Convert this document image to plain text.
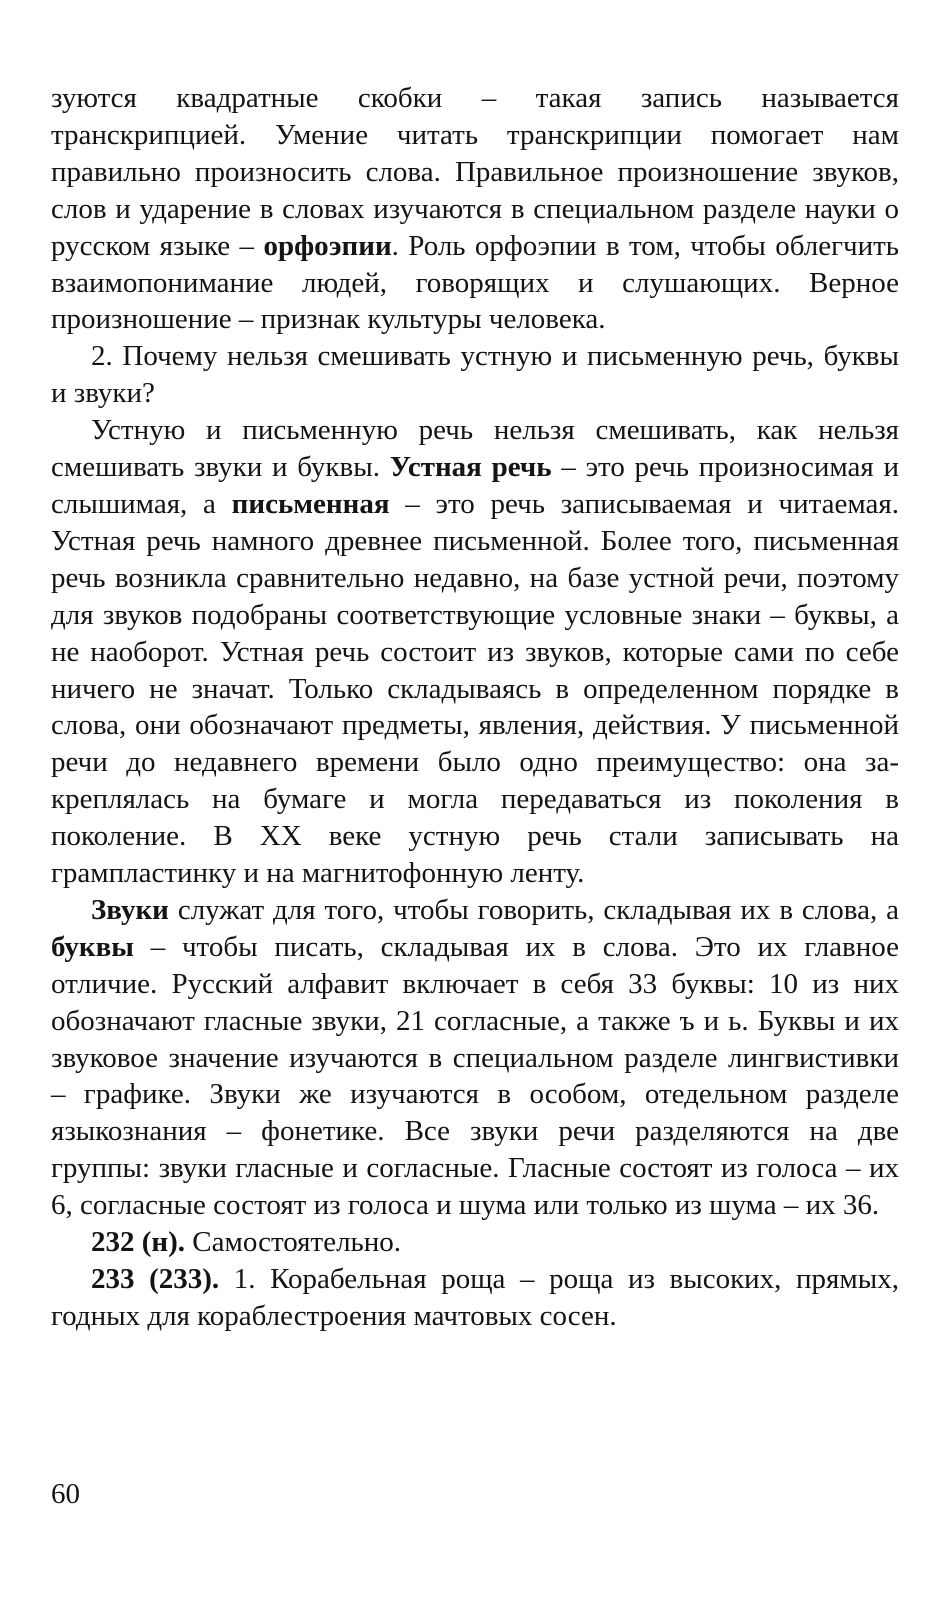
зуются квадратные скобки – такая запись называется транскрипцией. Умение читать транскрипции помогает нам правильно произносить слова. Правильное произношение звуков, слов и ударение в словах изучаются в специальном разделе науки о русском языке – орфоэпии. Роль орфоэпии в том, чтобы облегчить взаимопонимание людей, говорящих и слушающих. Верное произношение – признак культуры человека.

2. Почему нельзя смешивать устную и письменную речь, буквы и звуки?

Устную и письменную речь нельзя смешивать, как нельзя смешивать звуки и буквы. Устная речь – это речь произносимая и слышимая, а письменная – это речь записываемая и читаемая. Устная речь намного древнее письменной. Более того, письменная речь возникла сравнительно недавно, на базе устной речи, поэтому для звуков подобраны соответствующие условные знаки – буквы, а не наоборот. Устная речь состоит из звуков, которые сами по себе ничего не значат. Только складываясь в определенном порядке в слова, они обозначают предметы, явления, действия. У письменной речи до недавнего времени было одно преимущество: она закреплялась на бумаге и могла передаваться из поколения в поколение. В XX веке устную речь стали записывать на грампластинку и на магнитофонную ленту.

Звуки служат для того, чтобы говорить, складывая их в слова, а буквы – чтобы писать, складывая их в слова. Это их главное отличие. Русский алфавит включает в себя 33 буквы: 10 из них обозначают гласные звуки, 21 согласные, а также ъ и ь. Буквы и их звуковое значение изучаются в специальном разделе лингвистивки – графике. Звуки же изучаются в особом, отедельном разделе языкознания – фонетике. Все звуки речи разделяются на две группы: звуки гласные и согласные. Гласные состоят из голоса – их 6, согласные состоят из голоса и шума или только из шума – их 36.

232 (н). Самостоятельно.

233 (233). 1. Корабельная роща – роща из высоких, прямых, годных для кораблестроения мачтовых сосен.

60
